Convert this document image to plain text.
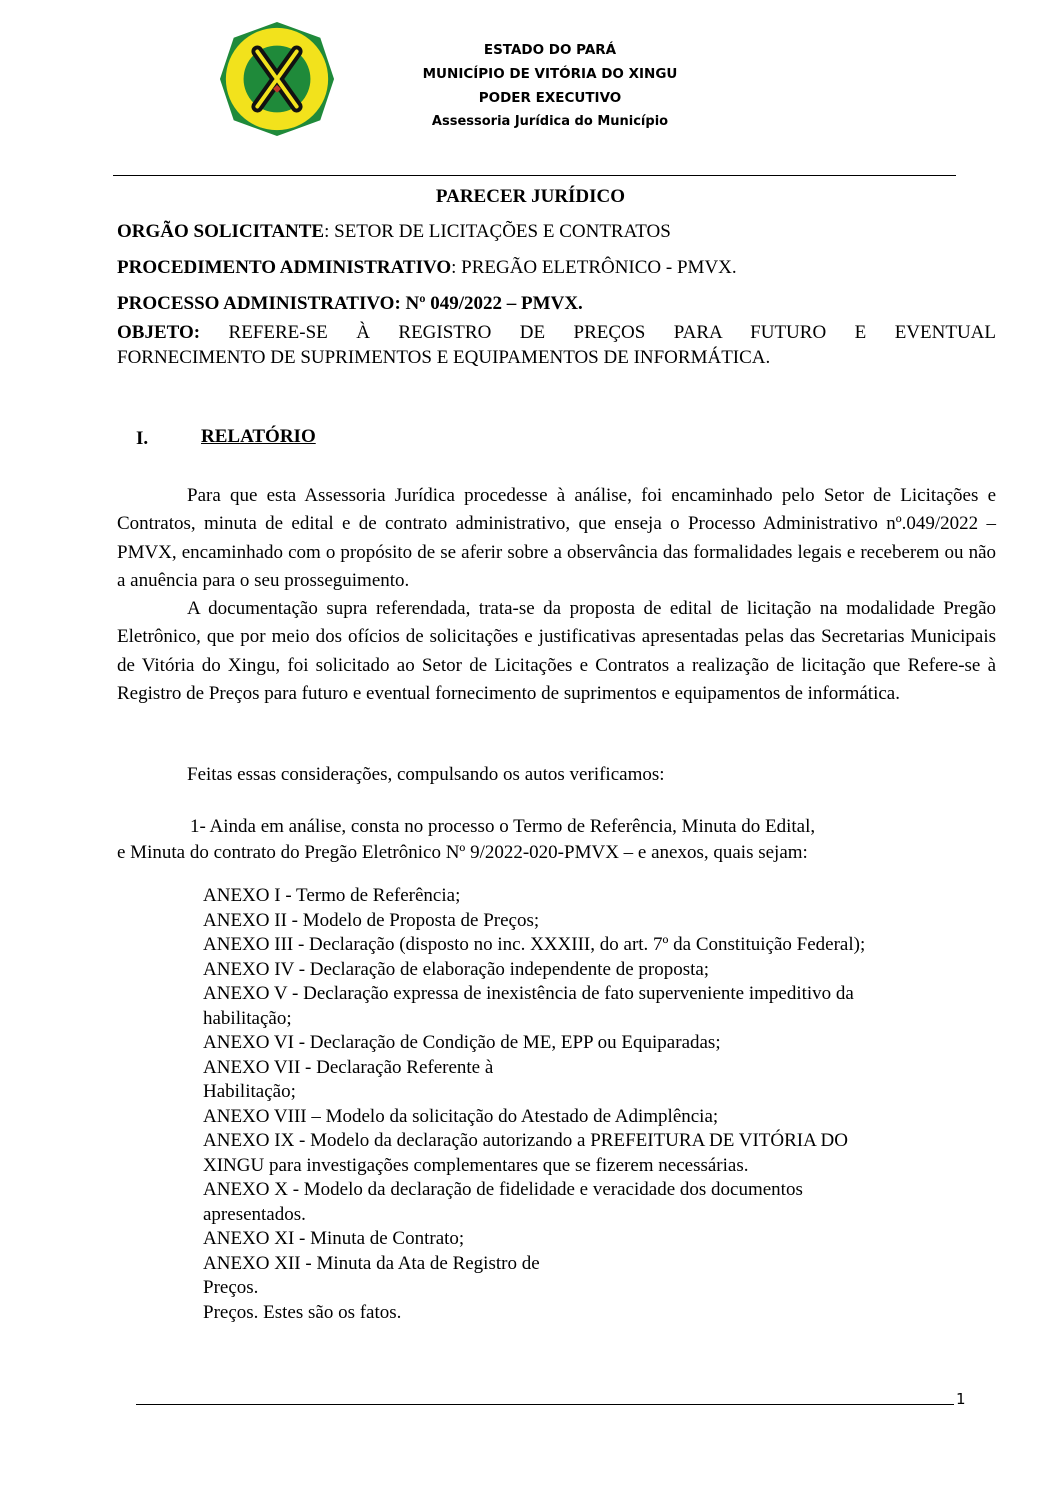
ESTADO DO PARÁ
MUNICÍPIO DE VITÓRIA DO XINGU
PODER EXECUTIVO
Assessoria Jurídica do Município
PARECER JURÍDICO
ORGÃO SOLICITANTE: SETOR DE LICITAÇÕES E CONTRATOS
PROCEDIMENTO ADMINISTRATIVO: PREGÃO ELETRÔNICO - PMVX.
PROCESSO ADMINISTRATIVO: Nº 049/2022 – PMVX.
OBJETO: REFERE-SE À REGISTRO DE PREÇOS PARA FUTURO E EVENTUAL
FORNECIMENTO DE SUPRIMENTOS E EQUIPAMENTOS DE INFORMÁTICA.
I.	RELATÓRIO
Para que esta Assessoria Jurídica procedesse à análise, foi encaminhado pelo Setor de Licitações e Contratos, minuta de edital e de contrato administrativo, que enseja o Processo Administrativo nº.049/2022 – PMVX, encaminhado com o propósito de se aferir sobre a observância das formalidades legais e receberem ou não a anuência para o seu prosseguimento.
A documentação supra referendada, trata-se da proposta de edital de licitação na modalidade Pregão Eletrônico, que por meio dos ofícios de solicitações e justificativas apresentadas pelas das Secretarias Municipais de Vitória do Xingu, foi solicitado ao Setor de Licitações e Contratos a realização de licitação que Refere-se à Registro de Preços para futuro e eventual fornecimento de suprimentos e equipamentos de informática.
Feitas essas considerações, compulsando os autos verificamos:
1- Ainda em análise, consta no processo o Termo de Referência, Minuta do Edital,
e Minuta do contrato do Pregão Eletrônico Nº 9/2022-020-PMVX – e anexos, quais sejam:
ANEXO I - Termo de Referência;
ANEXO II - Modelo de Proposta de Preços;
ANEXO III - Declaração (disposto no inc. XXXIII, do art. 7º da Constituição Federal);
ANEXO IV - Declaração de elaboração independente de proposta;
ANEXO V - Declaração expressa de inexistência de fato superveniente impeditivo da
habilitação;
ANEXO VI - Declaração de Condição de ME, EPP ou Equiparadas;
ANEXO VII - Declaração Referente à
Habilitação;
ANEXO VIII – Modelo da solicitação do Atestado de Adimplência;
ANEXO IX - Modelo da declaração autorizando a PREFEITURA DE VITÓRIA DO
XINGU para investigações complementares que se fizerem necessárias.
ANEXO X - Modelo da declaração de fidelidade e veracidade dos documentos
apresentados.
ANEXO XI - Minuta de Contrato;
ANEXO XII - Minuta da Ata de Registro de
Preços.
Preços. Estes são os fatos.
1
